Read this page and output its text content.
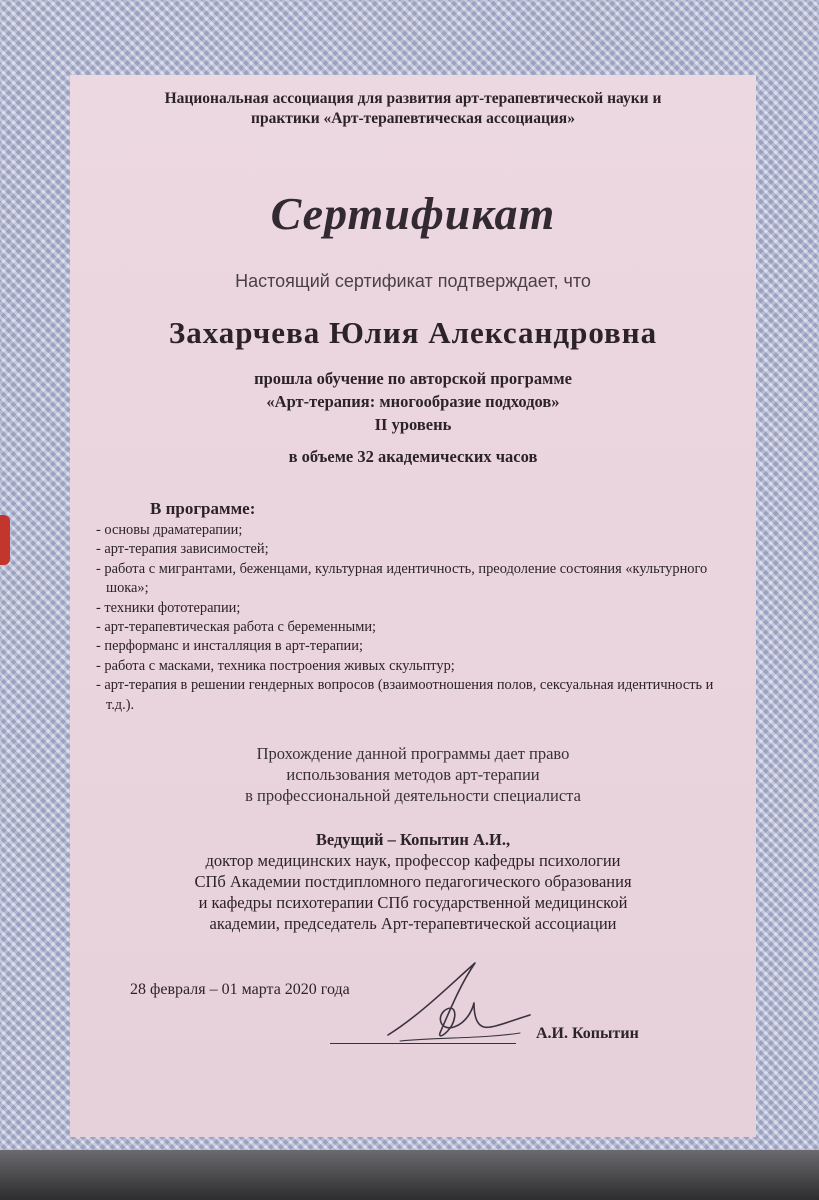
Национальная ассоциация для развития арт-терапевтической науки и практики «Арт-терапевтическая ассоциация»
Сертификат
Настоящий сертификат подтверждает, что
Захарчева Юлия Александровна
прошла обучение по авторской программе
«Арт-терапия: многообразие подходов»
II уровень
в объеме 32 академических часов
В программе:
- основы драматерапии;
- арт-терапия зависимостей;
- работа с мигрантами, беженцами, культурная идентичность, преодоление состояния «культурного шока»;
- техники фототерапии;
- арт-терапевтическая работа с беременными;
- перформанс и инсталляция в арт-терапии;
- работа с масками, техника построения живых скульптур;
- арт-терапия в решении гендерных вопросов (взаимоотношения полов, сексуальная идентичность и т.д.).
Прохождение данной программы дает право
использования методов арт-терапии
в профессиональной деятельности специалиста
Ведущий – Копытин А.И.,
доктор медицинских наук, профессор кафедры психологии
СПб Академии постдипломного педагогического образования
и кафедры психотерапии СПб государственной медицинской
академии, председатель Арт-терапевтической ассоциации
28 февраля – 01 марта 2020 года
А.И. Копытин
